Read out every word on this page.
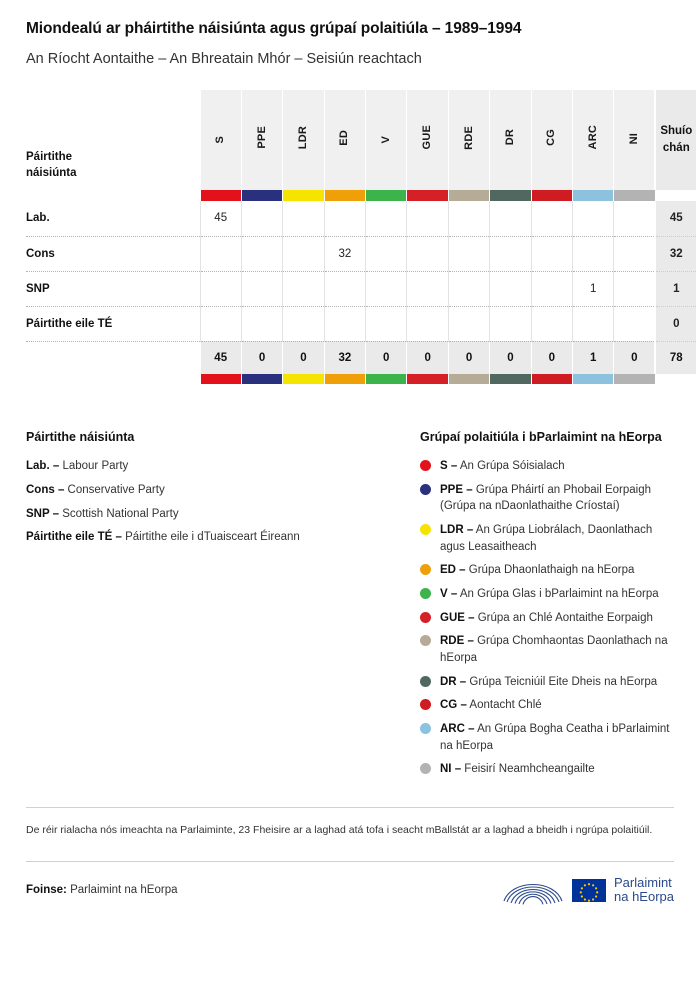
Miondealú ar pháirtithe náisiúnta agus grúpaí polaitiúla – 1989–1994
An Ríocht Aontaithe – An Bhreatain Mhór – Seisiún reachtach
Páirtithe
náisiúnta	S	PPE	LDR	ED	V	GUE	RDE	DR	CG	ARC	NI	Shuío
chán

Lab.	45											45
Cons				32								32
SNP										1		1
Páirtithe eile TÉ												0
	45	0	0	32	0	0	0	0	0	1	0	78

Páirtithe náisiúnta
Lab. – Labour Party
Cons – Conservative Party
SNP – Scottish National Party
Páirtithe eile TÉ – Páirtithe eile i dTuaisceart Éireann
Grúpaí polaitiúla i bParlaimint na hEorpa
S – An Grúpa Sóisialach
PPE – Grúpa Pháirtí an Phobail Eorpaigh (Grúpa na nDaonlathaithe Críostaí)
LDR – An Grúpa Liobrálach, Daonlathach agus Leasaitheach
ED – Grúpa Dhaonlathaigh na hEorpa
V – An Grúpa Glas i bParlaimint na hEorpa
GUE – Grúpa an Chlé Aontaithe Eorpaigh
RDE – Grúpa Chomhaontas Daonlathach na hEorpa
DR – Grúpa Teicniúil Eite Dheis na hEorpa
CG – Aontacht Chlé
ARC – An Grúpa Bogha Ceatha i bParlaimint na hEorpa
NI – Feisirí Neamhcheangailte
De réir rialacha nós imeachta na Parlaiminte, 23 Fheisire ar a laghad atá tofa i seacht mBallstát ar a laghad a bheidh i ngrúpa polaitiúil.
Foinse: Parlaimint na hEorpa
Parlaimint
na hEorpa
